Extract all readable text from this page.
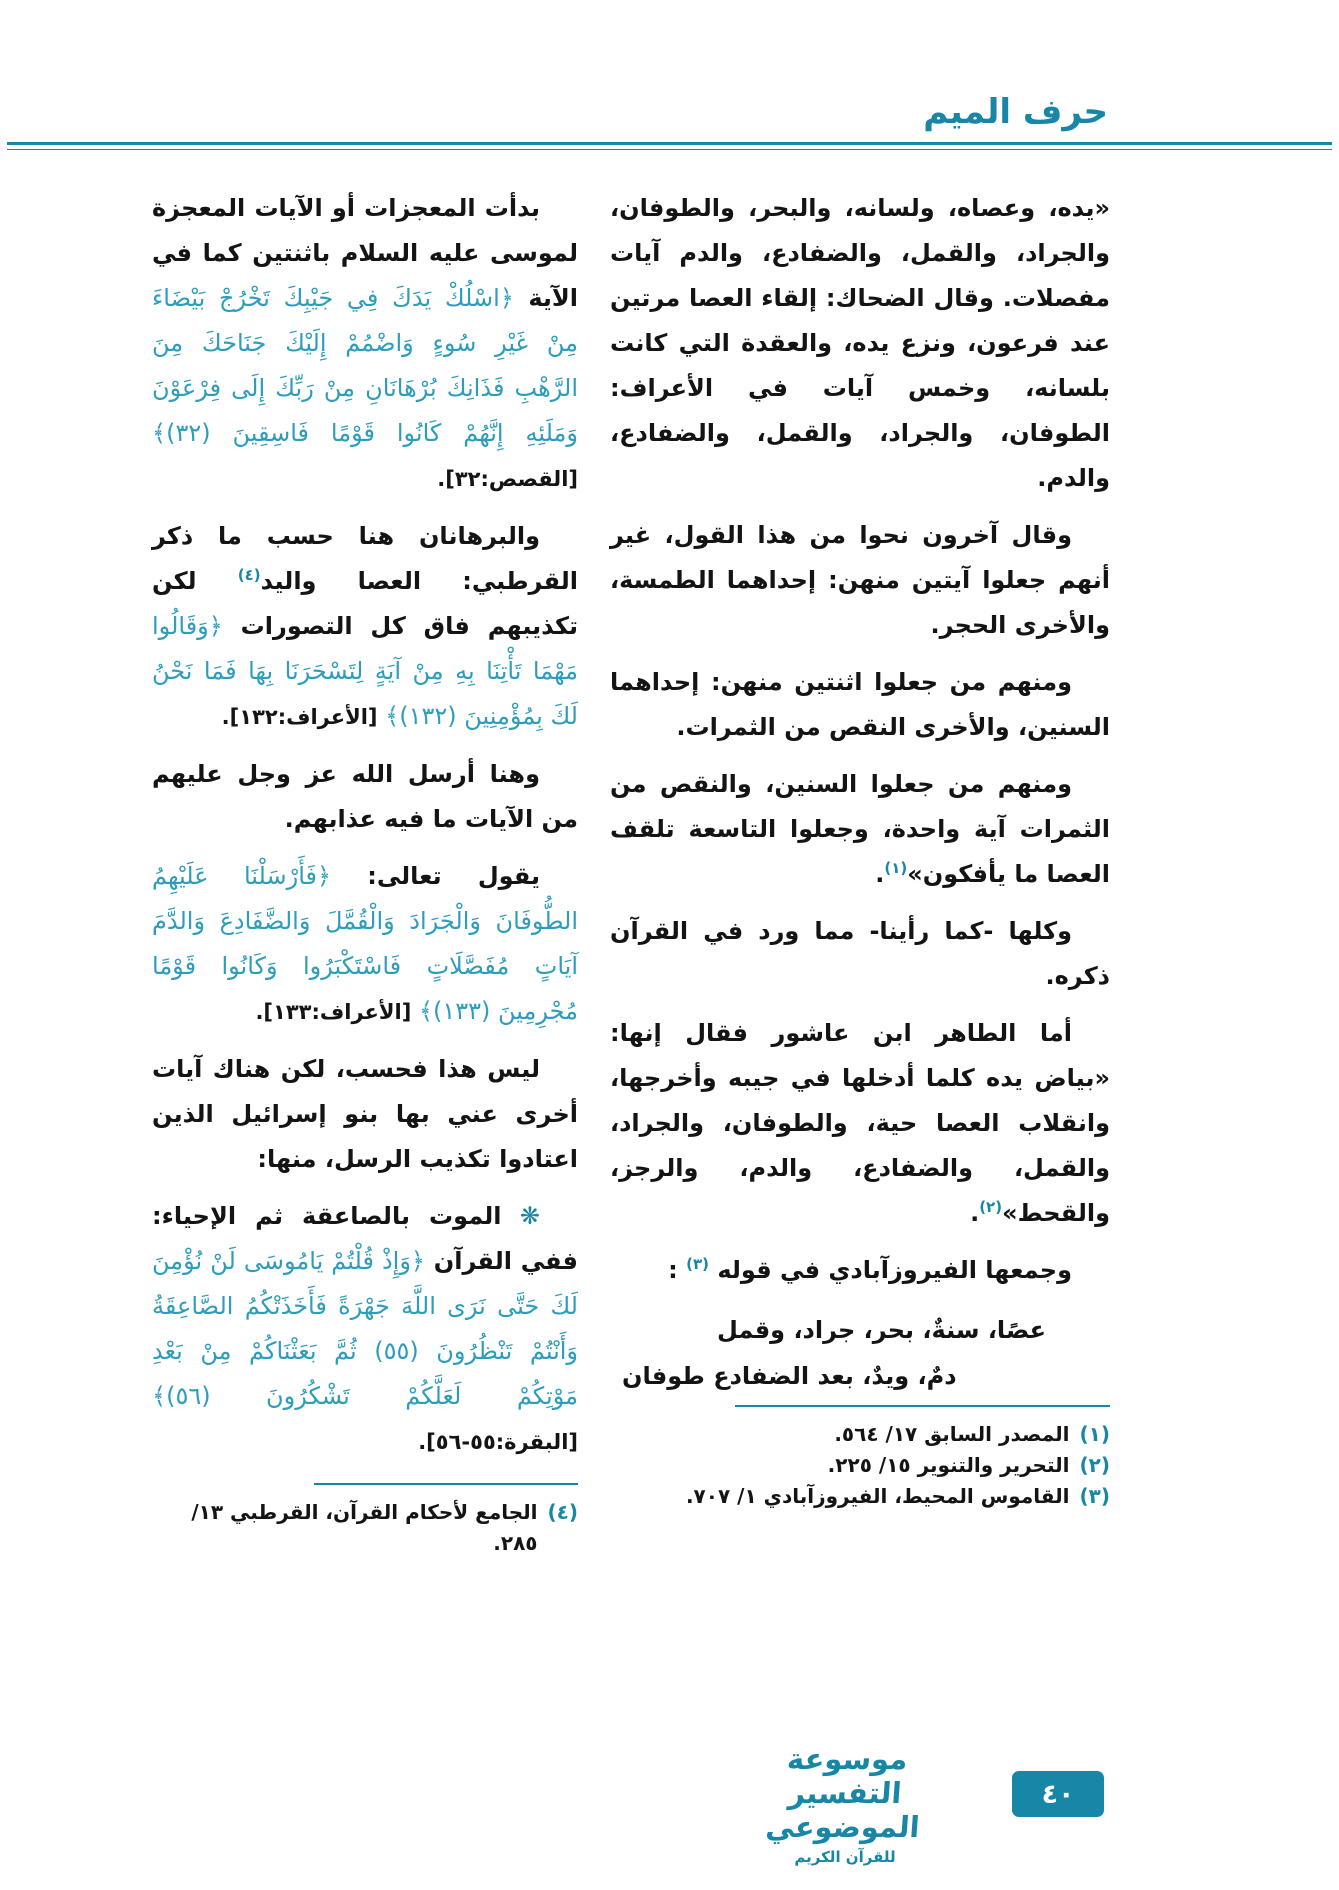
حرف الميم

«يده، وعصاه، ولسانه، والبحر، والطوفان، والجراد، والقمل، والضفادع، والدم آيات مفصلات. وقال الضحاك: إلقاء العصا مرتين عند فرعون، ونزع يده، والعقدة التي كانت بلسانه، وخمس آيات في الأعراف: الطوفان، والجراد، والقمل، والضفادع، والدم.

وقال آخرون نحوا من هذا القول، غير أنهم جعلوا آيتين منهن: إحداهما الطمسة، والأخرى الحجر.

ومنهم من جعلوا اثنتين منهن: إحداهما السنين، والأخرى النقص من الثمرات.

ومنهم من جعلوا السنين، والنقص من الثمرات آية واحدة، وجعلوا التاسعة تلقف العصا ما يأفكون»$^{(١)}$.

وكلها -كما رأينا- مما ورد في القرآن ذكره.

أما الطاهر ابن عاشور فقال إنها: «بياض يده كلما أدخلها في جيبه وأخرجها، وانقلاب العصا حية، والطوفان، والجراد، والقمل، والضفادع، والدم، والرجز، والقحط»$^{(٢)}$.

وجمعها الفيروزآبادي في قوله $^{(٣)}$ :

عصًا، سنةٌ، بحر، جراد، وقمل
دمٌ، ويدٌ، بعد الضفادع طوفان

(١)
المصدر السابق ١٧/ ٥٦٤.
(٢)
التحرير والتنوير ١٥/ ٢٢٥.
(٣)
القاموس المحيط، الفيروزآبادي ١/ ٧٠٧.

بدأت المعجزات أو الآيات المعجزة لموسى عليه السلام باثنتين كما في الآية ﴿اسْلُكْ يَدَكَ فِي جَيْبِكَ تَخْرُجْ بَيْضَاءَ مِنْ غَيْرِ سُوءٍ وَاضْمُمْ إِلَيْكَ جَنَاحَكَ مِنَ الرَّهْبِ فَذَانِكَ بُرْهَانَانِ مِنْ رَبِّكَ إِلَى فِرْعَوْنَ وَمَلَئِهِ إِنَّهُمْ كَانُوا قَوْمًا فَاسِقِينَ (٣٢)﴾ [القصص:٣٢].

والبرهانان هنا حسب ما ذكر القرطبي: العصا واليد$^{(٤)}$ لكن تكذيبهم فاق كل التصورات ﴿وَقَالُوا مَهْمَا تَأْتِنَا بِهِ مِنْ آيَةٍ لِتَسْحَرَنَا بِهَا فَمَا نَحْنُ لَكَ بِمُؤْمِنِينَ (١٣٢)﴾ [الأعراف:١٣٢].

وهنا أرسل الله عز وجل عليهم من الآيات ما فيه عذابهم.

يقول تعالى: ﴿فَأَرْسَلْنَا عَلَيْهِمُ الطُّوفَانَ وَالْجَرَادَ وَالْقُمَّلَ وَالضَّفَادِعَ وَالدَّمَ آيَاتٍ مُفَصَّلَاتٍ فَاسْتَكْبَرُوا وَكَانُوا قَوْمًا مُجْرِمِينَ (١٣٣)﴾ [الأعراف:١٣٣].

ليس هذا فحسب، لكن هناك آيات أخرى عني بها بنو إسرائيل الذين اعتادوا تكذيب الرسل، منها:

❋ الموت بالصاعقة ثم الإحياء: ففي القرآن ﴿وَإِذْ قُلْتُمْ يَامُوسَى لَنْ نُؤْمِنَ لَكَ حَتَّى نَرَى اللَّهَ جَهْرَةً فَأَخَذَتْكُمُ الصَّاعِقَةُ وَأَنْتُمْ تَنْظُرُونَ (٥٥) ثُمَّ بَعَثْنَاكُمْ مِنْ بَعْدِ مَوْتِكُمْ لَعَلَّكُمْ تَشْكُرُونَ (٥٦)﴾ [البقرة:٥٥-٥٦].

(٤)
الجامع لأحكام القرآن، القرطبي ١٣/ ٢٨٥.
موسوعة التفسير الموضوعي
للقرآن الكريم
٤٠
